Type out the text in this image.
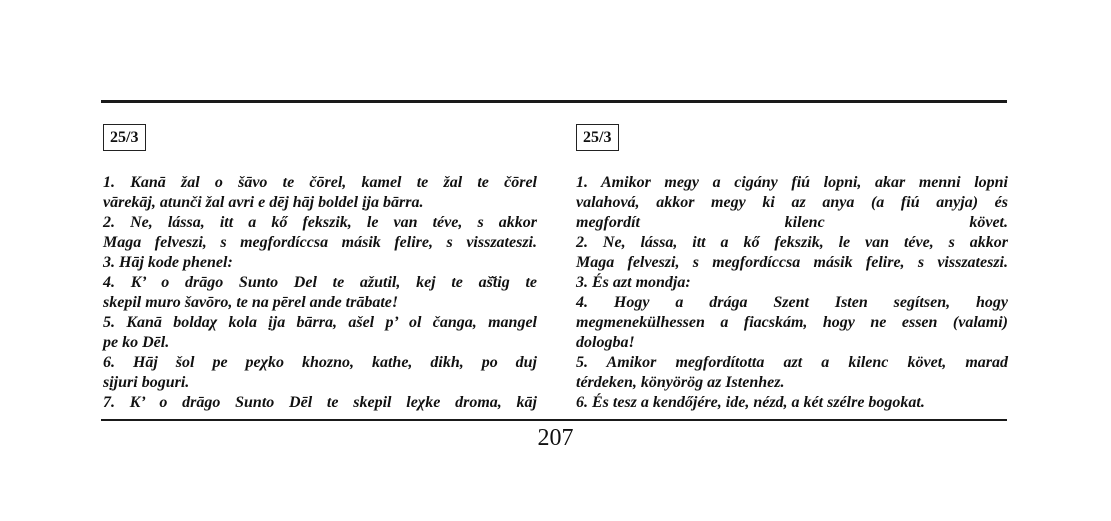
25/3
1. Kanā žal o šāvo te čōrel, kamel te žal te čōrel
vārekāj, atunči žal avri e dēj hāj boldel ịja bārra.
2. Ne, lássa, itt a kő fekszik, le van téve, s akkor
Maga felveszi, s megfordíccsa másik felire, s visszateszi.
3. Hāj kode phenel:
4. K’ o drāgo Sunto Del te ažutil, kej te aš̆tig te
skepil muro šavōro, te na pērel ande trābate!
5. Kanā boldaχ kola ịja bārra, ašel p’ ol čanga, mangel
pe ko Dēl.
6. Hāj šol pe peχko khozno, kathe, dikh, po duj
sịjuri boguri.
7. K’ o drāgo Sunto Dēl te skepil leχke droma, kāj
25/3
1. Amikor megy a cigány fiú lopni, akar menni lopni
valahová, akkor megy ki az anya (a fiú anyja) és
megfordít kilenc követ.
2. Ne, lássa, itt a kő fekszik, le van téve, s akkor
Maga felveszi, s megfordíccsa másik felire, s visszateszi.
3. És azt mondja:
4. Hogy a drága Szent Isten segítsen, hogy
megmenekülhessen a fiacskám, hogy ne essen (valami)
dologba!
5. Amikor megfordította azt a kilenc követ, marad
térdeken, könyörög az Istenhez.
6. És tesz a kendőjére, ide, nézd, a két szélre bogokat.
207
